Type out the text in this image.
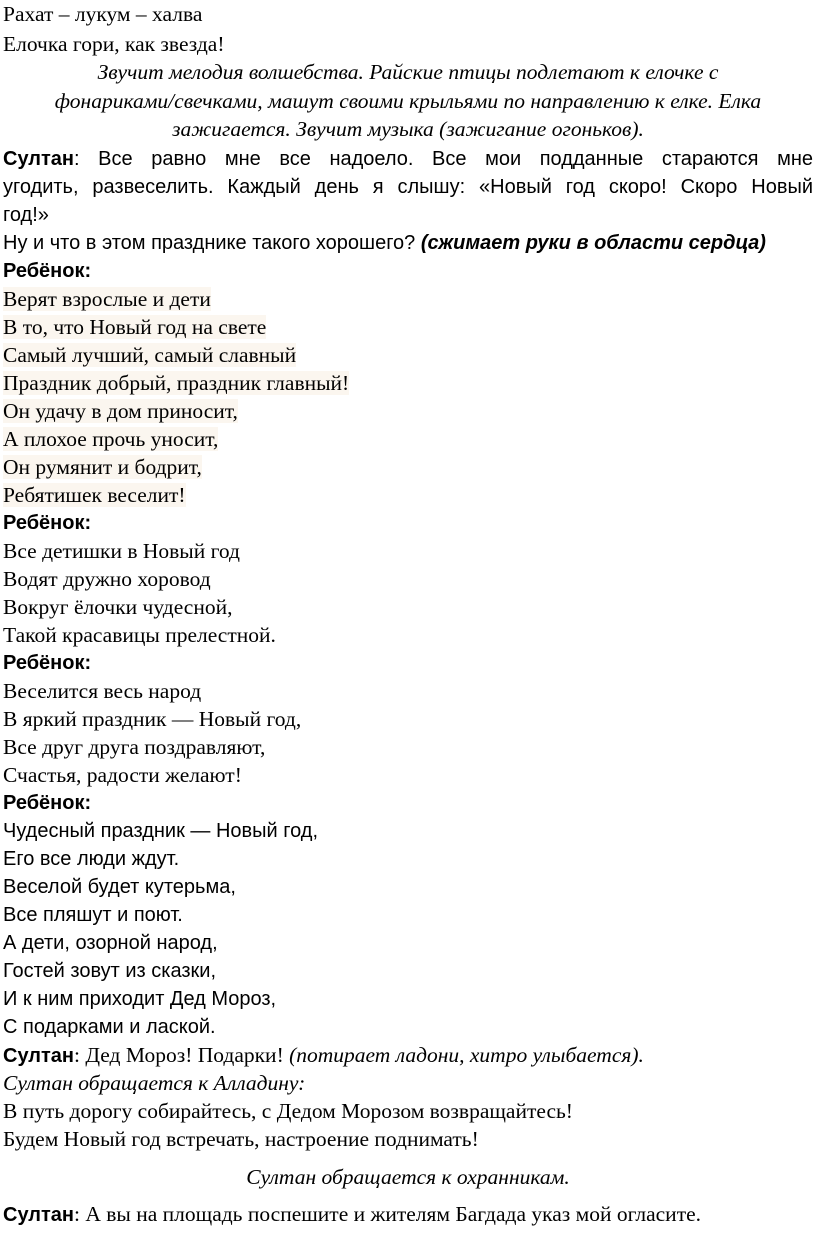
Рахат – лукум – халва
Елочка гори, как звезда!
Звучит мелодия волшебства. Райские птицы подлетают к елочке с
фонариками/свечками, машут своими крыльями по направлению к елке. Елка
зажигается. Звучит музыка (зажигание огоньков).
Султан: Все равно мне все надоело. Все мои подданные стараются мне
угодить, развеселить. Каждый день я слышу: «Новый год скоро! Скоро Новый
год!»
Ну и что в этом празднике такого хорошего? (сжимает руки в области сердца)
Ребёнок:
Верят взрослые и дети
В то, что Новый год на свете
Самый лучший, самый славный
Праздник добрый, праздник главный!
Он удачу в дом приносит,
А плохое прочь уносит,
Он румянит и бодрит,
Ребятишек веселит!
Ребёнок:
Все детишки в Новый год
Водят дружно хоровод
Вокруг ёлочки чудесной,
Такой красавицы прелестной.
Ребёнок:
Веселится весь народ
В яркий праздник — Новый год,
Все друг друга поздравляют,
Счастья, радости желают!
Ребёнок:
Чудесный праздник — Новый год,
Его все люди ждут.
Веселой будет кутерьма,
Все пляшут и поют.
А дети, озорной народ,
Гостей зовут из сказки,
И к ним приходит Дед Мороз,
С подарками и лаской.
Султан: Дед Мороз! Подарки! (потирает ладони, хитро улыбается).
Султан обращается к Алладину:
В путь дорогу собирайтесь, с Дедом Морозом возвращайтесь!
Будем Новый год встречать, настроение поднимать!
Султан обращается к охранникам.
Султан: А вы на площадь поспешите и жителям Багдада указ мой огласите.
